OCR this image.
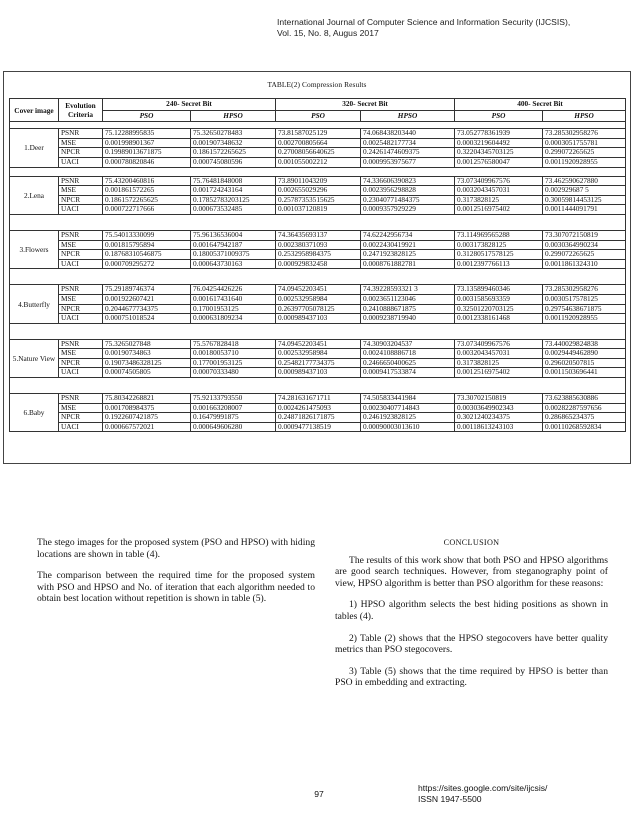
International Journal of Computer Science and Information Security (IJCSIS),
Vol. 15, No. 8, Augus 2017
TABLE(2) Compression Results
Cover image	Evolution Criteria	240- Secret Bit		320- Secret Bit		400- Secret Bit	
		PSO	HPSO	PSO	HPSO	PSO	HPSO

1.Deer	PSNR	75.12288995835	75.32650278483	73.81587025129	74.068438203440	73.052778361939	73.285302958276
	MSE	0.001998901367	0.001907348632	0.002700805664	0.0025482177734	0.0003219604492	0.0003051755781
	NPCR	0.19989013671875	0.1861572265625	0.27008056640625	0.24261474609375	0.32204345703125	0.299072265625
	UACI	0.000780820846	0.000745080596	0.001055002212	0.0009953975677	0.0012576580047	0.0011920928955

2.Lena	PSNR	75.43200460816	75.76481848008	73.89011043209	74.336606390823	73.073409967576	73.462590627880
	MSE	0.001861572265	0.001724243164	0.002655029296	0.0023956298828	0.0032043457031	0.002929687 5
	NPCR	0.1861572265625	0.17852783203125	0.25787353515625	0.23040771484375	0.3173828125	0.30059814453125
	UACI	0.000722717666	0.000673532485	0.001037120819	0.0009357929229	0.0012516975402	0.0011444091791

3.Flowers	PSNR	75.54013330099	75.96136536004	74.36435693137	74.62242956734	73.114969565288	73.307072150819
	MSE	0.001815795894	0.001647942187	0.002380371093	0.0022430419921	0.003173828125	0.0030364990234
	NPCR	0.18768310546875	0.18005371009375	0.2532958984375	0.2471923828125	0.31280517578125	0.299072265625
	UACI	0.000709295272	0.000643730163	0.000929832458	0.0008761882781	0.0012397766113	0.0011861324310

4.Butterfly	PSNR	75.29189746374	76.04254426226	74.09452203451	74.39228593321 3	73.135899460346	73.285302958276
	MSE	0.001922607421	0.001617431640	0.002532958984	0.0023651123046	0.0031585693359	0.0030517578125
	NPCR	0.2044677734375	0.17001953125	0.26397705078125	0.2410888671875	0.32501220703125	0.29754638671875
	UACI	0.000751018524	0.000631809234	0.000989437103	0.0009238719940	0.0012338161468	0.0011920928955

5.Nature View	PSNR	75.3265027848	75.5767828418	74.09452203451	74.30903204537	73.073409967576	73.440029824838
	MSE	0.00190734863	0.00180053710	0.002532958984	0.0024108886718	0.0032043457031	0.0029449462890
	NPCR	0.19073486328125	0.177001953125	0.25482177734375	0.2466650400625	0.3173828125	0.296020507815
	UACI	0.00074505805	0.00070333480	0.000989437103	0.0009417533874	0.0012516975402	0.0011503696441

6.Baby	PSNR	75.80342268821	75.92133793550	74.281631671711	74.505833441984	73.30702150819	73.623885630886
	MSE	0.001708984375	0.001663208007	0.0024261475093	0.00230407714843	0.00303649902343	0.00282287597656
	NPCR	0.1922607421875	0.16479991875	0.24871826171875	0.2461923828125	0.3021240234375	0.286865234375
	UACI	0.000667572021	0.000649606280	0.0009477138519	0.00090003013610	0.00118613243103	0.00110268592834

The stego images for the proposed system (PSO and HPSO) with hiding locations are shown in table (4).

The comparison between the required time for the proposed system with PSO and HPSO and No. of iteration that each algorithm needed to obtain best location without repetition is shown in table (5).

CONCLUSION

The results of this work show that both PSO and HPSO algorithms are good search techniques. However, from steganography point of view, HPSO algorithm is better than PSO algorithm for these reasons:

1) HPSO algorithm selects the best hiding positions as shown in tables (4).

2) Table (2) shows that the HPSO stegocovers have better quality metrics than PSO stegocovers.

3) Table (5) shows that the time required by HPSO is better than PSO in embedding and extracting.

97
https://sites.google.com/site/ijcsis/
ISSN 1947-5500
